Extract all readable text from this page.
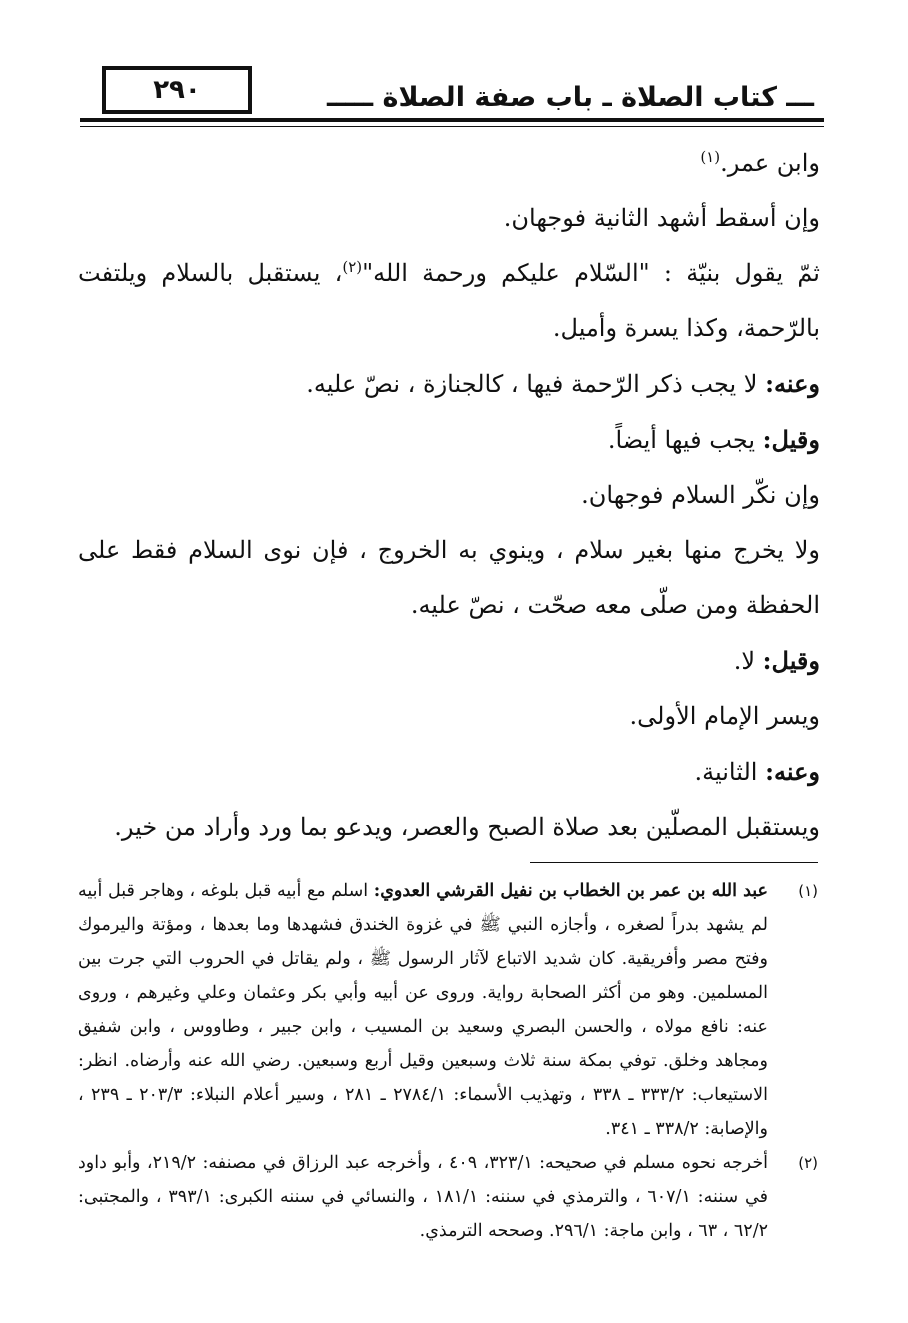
٢٩٠	ـــ كتاب الصلاة ـ باب صفة الصلاة ـــــ

وابن عمر.$^{(١)}$

وإن أسقط أشهد الثانية فوجهان.

ثمّ يقول بنيّة : "السّلام عليكم ورحمة الله"$^{(٢)}$، يستقبل بالسلام ويلتفت بالرّحمة، وكذا يسرة وأميل.

وعنه: لا يجب ذكر الرّحمة فيها ، كالجنازة ، نصّ عليه.

وقيل: يجب فيها أيضاً.

وإن نكّر السلام فوجهان.

ولا يخرج منها بغير سلام ، وينوي به الخروج ، فإن نوى السلام فقط على الحفظة ومن صلّى معه صحّت ، نصّ عليه.

وقيل: لا.

ويسر الإمام الأولى.

وعنه: الثانية.

ويستقبل المصلّين بعد صلاة الصبح والعصر، ويدعو بما ورد وأراد من خير.

(١)
عبد الله بن عمر بن الخطاب بن نفيل القرشي العدوي: اسلم مع أبيه قبل بلوغه ، وهاجر قبل أبيه لم يشهد بدراً لصغره ، وأجازه النبي ﷺ في غزوة الخندق فشهدها وما بعدها ، ومؤتة واليرموك وفتح مصر وأفريقية. كان شديد الاتباع لآثار الرسول ﷺ ، ولم يقاتل في الحروب التي جرت بين المسلمين. وهو من أكثر الصحابة رواية. وروى عن أبيه وأبي بكر وعثمان وعلي وغيرهم ، وروى عنه: نافع مولاه ، والحسن البصري وسعيد بن المسيب ، وابن جبير ، وطاووس ، وابن شفيق ومجاهد وخلق. توفي بمكة سنة ثلاث وسبعين وقيل أربع وسبعين. رضي الله عنه وأرضاه. انظر: الاستيعاب: ٣٣٣/٢ ـ ٣٣٨ ، وتهذيب الأسماء: ٢٧٨٤/١ ـ ٢٨١ ، وسير أعلام النبلاء: ٢٠٣/٣ ـ ٢٣٩ ، والإصابة: ٣٣٨/٢ ـ ٣٤١.
(٢)
أخرجه نحوه مسلم في صحيحه: ٣٢٣/١، ٤٠٩ ، وأخرجه عبد الرزاق في مصنفه: ٢١٩/٢، وأبو داود في سننه: ٦٠٧/١ ، والترمذي في سننه: ١٨١/١ ، والنسائي في سننه الكبرى: ٣٩٣/١ ، والمجتبى: ٦٢/٢ ، ٦٣ ، وابن ماجة: ٢٩٦/١. وصححه الترمذي.
